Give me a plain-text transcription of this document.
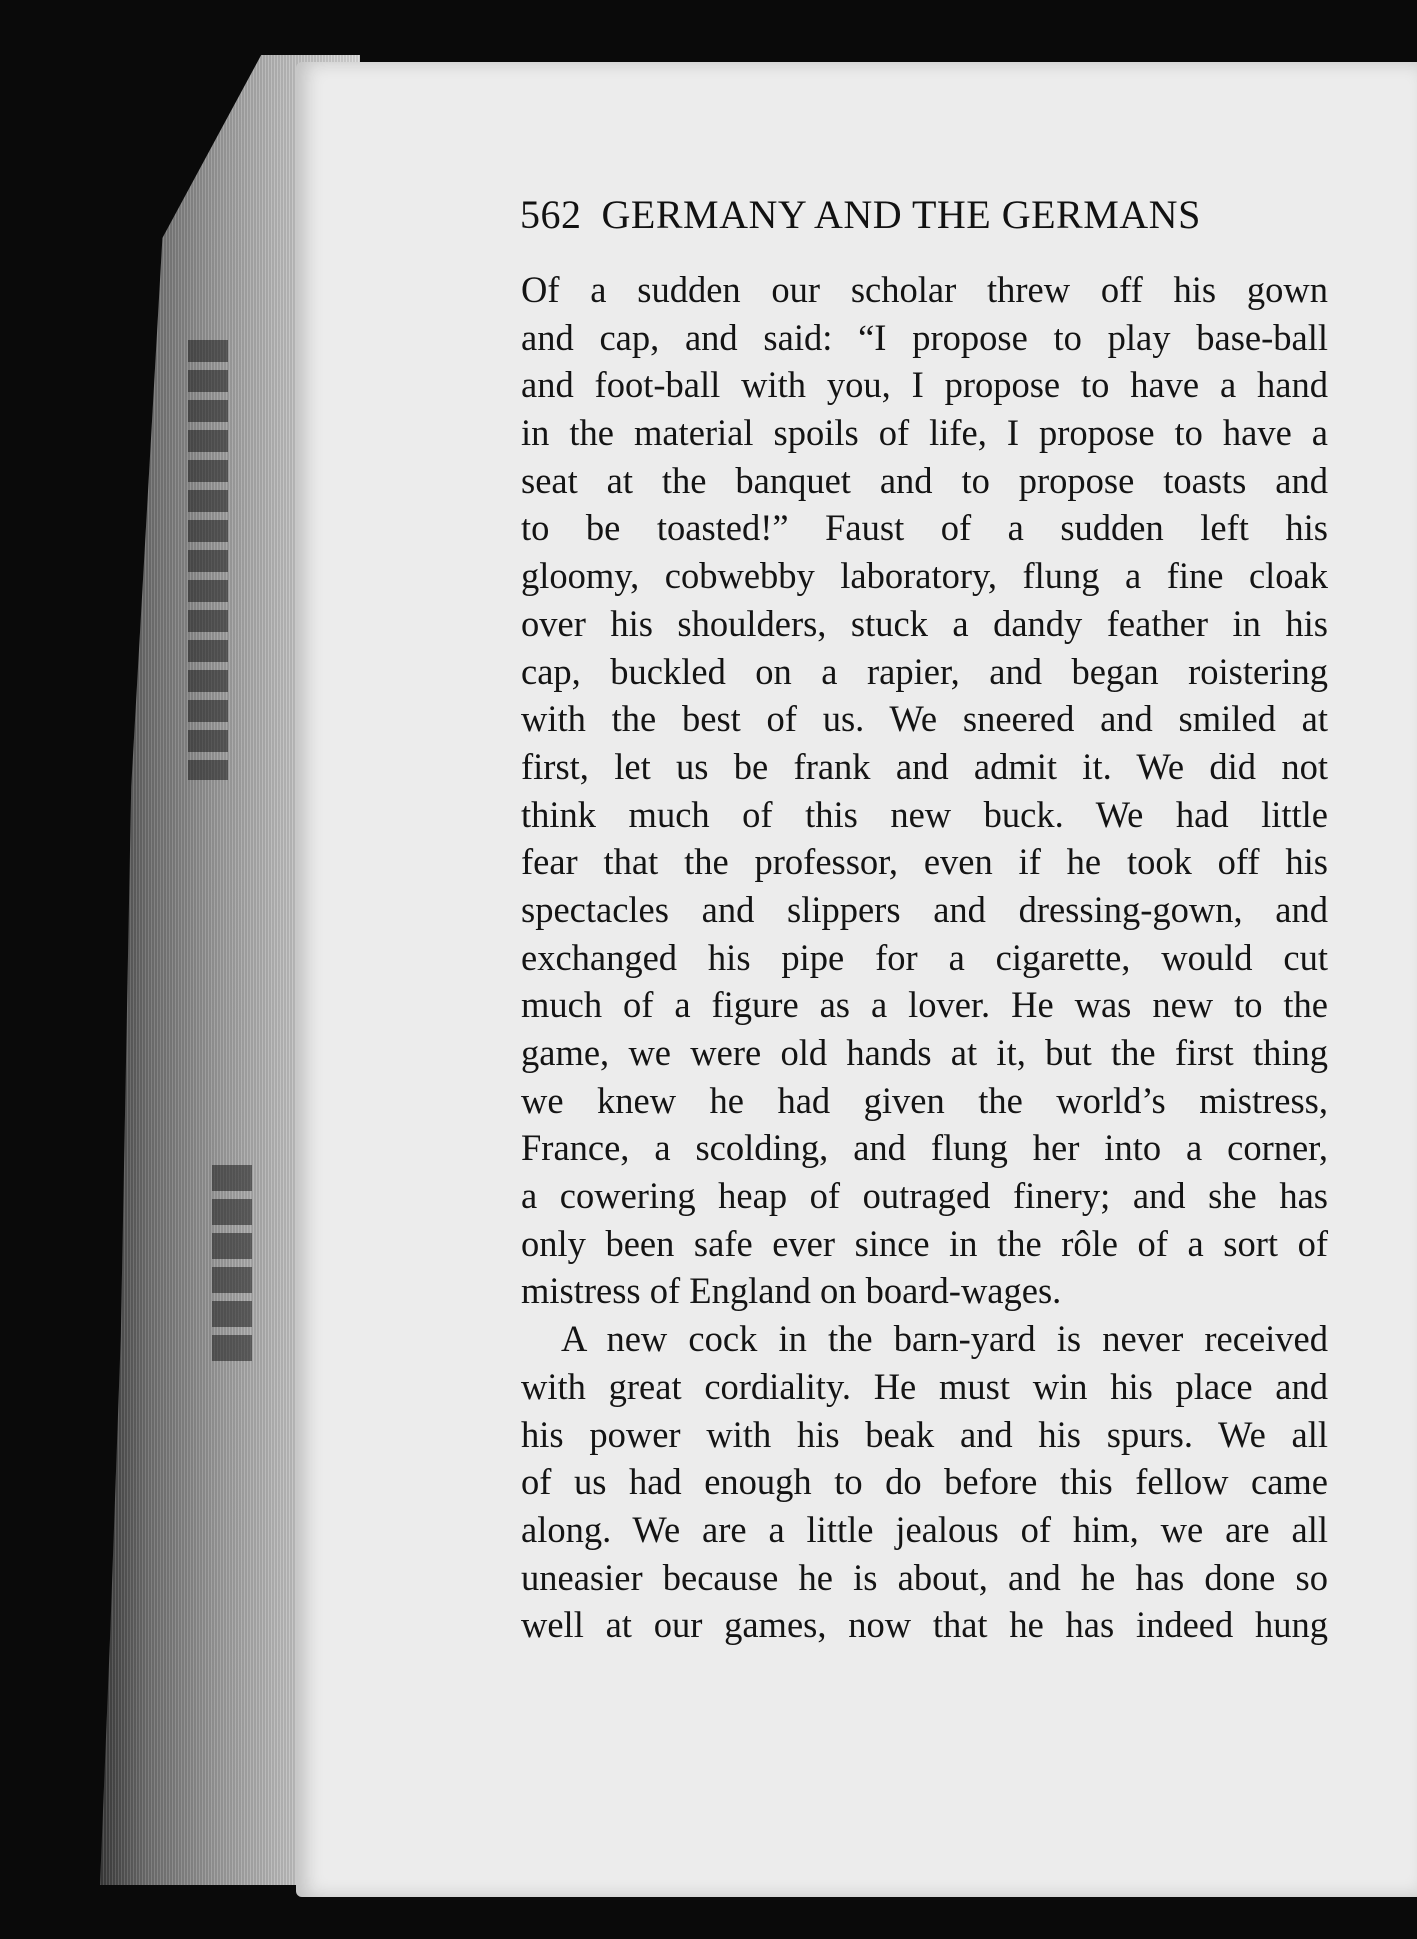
562 GERMANY AND THE GERMANS
Of a sudden our scholar threw off his gown
and cap, and said: “I propose to play base-ball
and foot-ball with you, I propose to have a hand
in the material spoils of life, I propose to have a
seat at the banquet and to propose toasts and
to be toasted!” Faust of a sudden left his
gloomy, cobwebby laboratory, flung a fine cloak
over his shoulders, stuck a dandy feather in his
cap, buckled on a rapier, and began roistering
with the best of us. We sneered and smiled at
first, let us be frank and admit it. We did not
think much of this new buck. We had little
fear that the professor, even if he took off his
spectacles and slippers and dressing-gown, and
exchanged his pipe for a cigarette, would cut
much of a figure as a lover. He was new to the
game, we were old hands at it, but the first thing
we knew he had given the world’s mistress,
France, a scolding, and flung her into a corner,
a cowering heap of outraged finery; and she has
only been safe ever since in the rôle of a sort of
mistress of England on board-wages.
A new cock in the barn-yard is never received
with great cordiality. He must win his place and
his power with his beak and his spurs. We all
of us had enough to do before this fellow came
along. We are a little jealous of him, we are all
uneasier because he is about, and he has done so
well at our games, now that he has indeed hung
